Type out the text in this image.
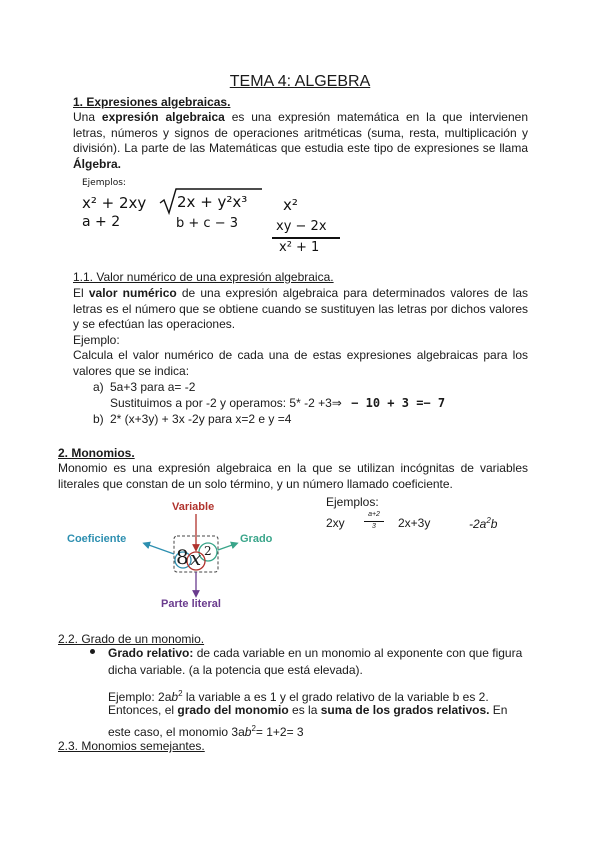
TEMA 4: ALGEBRA
1. Expresiones algebraicas.
Una expresión algebraica es una expresión matemática en la que intervienen letras, números y signos de operaciones aritméticas (suma, resta, multiplicación y división). La parte de las Matemáticas que estudia este tipo de expresiones se llama Álgebra.
Ejemplos:
x² + 2xy
a + 2
2x + y²x³
b + c − 3
x²
xy − 2x
x² + 1
1.1. Valor numérico de una expresión algebraica.
El valor numérico de una expresión algebraica para determinados valores de las letras es el número que se obtiene cuando se sustituyen las letras por dichos valores y se efectúan las operaciones.
Ejemplo:
Calcula el valor numérico de cada una de estas expresiones algebraicas para los valores que se indica:
a) 5a+3 para a= -2
Sustituimos a por -2 y operamos: 5* -2 +3⇒ − 10 + 3 =− 7
b) 2* (x+3y) + 3x -2y para x=2 e y =4
2. Monomios.
Monomio es una expresión algebraica en la que se utilizan incógnitas de variables literales que constan de un solo término, y un número llamado coeficiente.
Variable
Coeficiente	Grado
Parte literal
8 x 2
Ejemplos:
2xy
a+2
3	2x+3y	$-2a^2b$
2.2. Grado de un monomio.
Grado relativo: de cada variable en un monomio al exponente con que figura dicha variable. (a la potencia que está elevada).
Ejemplo: $2ab^2$ la variable a es 1 y el grado relativo de la variable b es 2.
Entonces, el grado del monomio es la suma de los grados relativos. En
este caso, el monomio $3ab^2= 1+2= 3$
2.3. Monomios semejantes.
